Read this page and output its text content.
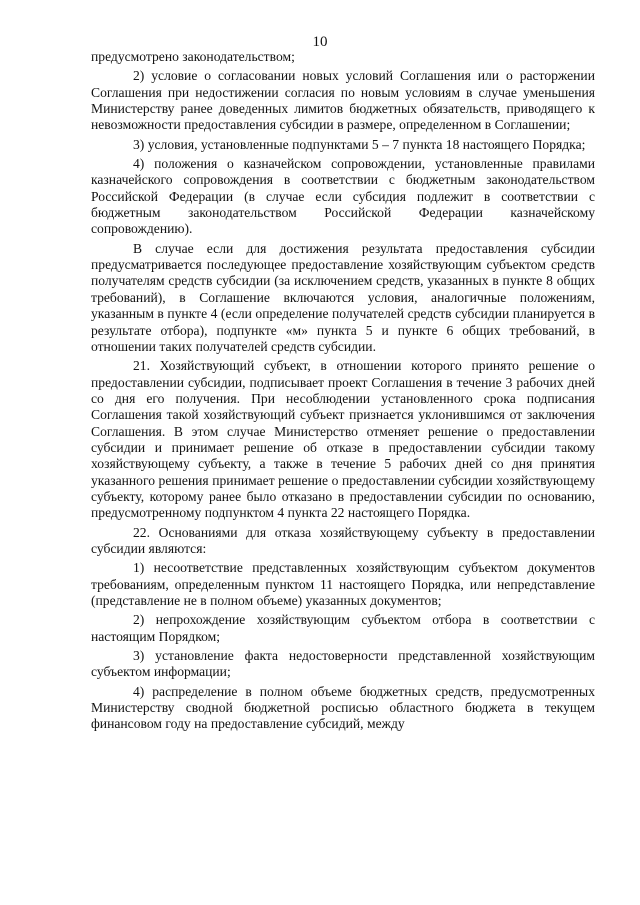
10

предусмотрено законодательством;

2) условие о согласовании новых условий Соглашения или о расторжении Соглашения при недостижении согласия по новым условиям в случае уменьшения Министерству ранее доведенных лимитов бюджетных обязательств, приводящего к невозможности предоставления субсидии в размере, определенном в Соглашении;

3) условия, установленные подпунктами 5 – 7 пункта 18 настоящего Порядка;

4) положения о казначейском сопровождении, установленные правилами казначейского сопровождения в соответствии с бюджетным законодательством Российской Федерации (в случае если субсидия подлежит в соответствии с бюджетным законодательством Российской Федерации казначейскому сопровождению).

В случае если для достижения результата предоставления субсидии предусматривается последующее предоставление хозяйствующим субъектом средств получателям средств субсидии (за исключением средств, указанных в пункте 8 общих требований), в Соглашение включаются условия, аналогичные положениям, указанным в пункте 4 (если определение получателей средств субсидии планируется в результате отбора), подпункте «м» пункта 5 и пункте 6 общих требований, в отношении таких получателей средств субсидии.

21. Хозяйствующий субъект, в отношении которого принято решение о предоставлении субсидии, подписывает проект Соглашения в течение 3 рабочих дней со дня его получения. При несоблюдении установленного срока подписания Соглашения такой хозяйствующий субъект признается уклонившимся от заключения Соглашения. В этом случае Министерство отменяет решение о предоставлении субсидии и принимает решение об отказе в предоставлении субсидии такому хозяйствующему субъекту, а также в течение 5 рабочих дней со дня принятия указанного решения принимает решение о предоставлении субсидии хозяйствующему субъекту, которому ранее было отказано в предоставлении субсидии по основанию, предусмотренному подпунктом 4 пункта 22 настоящего Порядка.

22. Основаниями для отказа хозяйствующему субъекту в предоставлении субсидии являются:

1) несоответствие представленных хозяйствующим субъектом документов требованиям, определенным пунктом 11 настоящего Порядка, или непредставление (представление не в полном объеме) указанных документов;

2) непрохождение хозяйствующим субъектом отбора в соответствии с настоящим Порядком;

3) установление факта недостоверности представленной хозяйствующим субъектом информации;

4) распределение в полном объеме бюджетных средств, предусмотренных Министерству сводной бюджетной росписью областного бюджета в текущем финансовом году на предоставление субсидий, между
